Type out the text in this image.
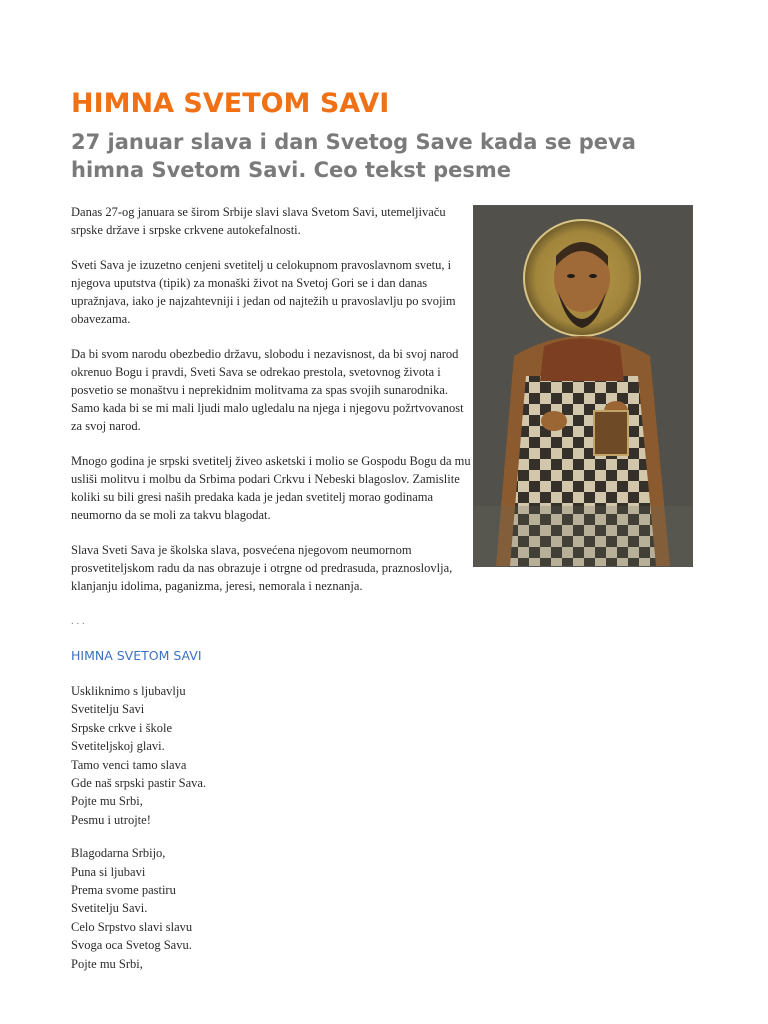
HIMNA SVETOM SAVI
27 januar slava i dan Svetog Save kada se peva himna Svetom Savi. Ceo tekst pesme

Danas 27-og januara se širom Srbije slavi slava Svetom Savi, utemeljivaču srpske države i srpske crkvene autokefalnosti.

Sveti Sava je izuzetno cenjeni svetitelj u celokupnom pravoslavnom svetu, i njegova uputstva (tipik) za monaški život na Svetoj Gori se i dan danas upražnjava, iako je najzahtevniji i jedan od najtežih u pravoslavlju po svojim obavezama.

Da bi svom narodu obezbedio državu, slobodu i nezavisnost, da bi svoj narod okrenuo Bogu i pravdi, Sveti Sava se odrekao prestola, svetovnog života i posvetio se monaštvu i neprekidnim molitvama za spas svojih sunarodnika. Samo kada bi se mi mali ljudi malo ugledalu na njega i njegovu požrtvovanost za svoj narod.

Mnogo godina je srpski svetitelj živeo asketski i molio se Gospodu Bogu da mu usliši molitvu i molbu da Srbima podari Crkvu i Nebeski blagoslov. Zamislite koliki su bili gresi naših predaka kada je jedan svetitelj morao godinama neumorno da se moli za takvu blagodat.

Slava Sveti Sava je školska slava, posvećena njegovom neumornom prosvetiteljskom radu da nas obrazuje i otrgne od predrasuda, praznoslovlja, klanjanju idolima, paganizma, jeresi, nemorala i neznanja.

. . .

HIMNA SVETOM SAVI

Uskliknimo s ljubavlju
Svetitelju Savi
Srpske crkve i škole
Svetiteljskoj glavi.
Tamo venci tamo slava
Gde naš srpski pastir Sava.
Pojte mu Srbi,
Pesmu i utrojte!
Blagodarna Srbijo,
Puna si ljubavi
Prema svome pastiru
Svetitelju Savi.
Celo Srpstvo slavi slavu
Svoga oca Svetog Savu.
Pojte mu Srbi,
